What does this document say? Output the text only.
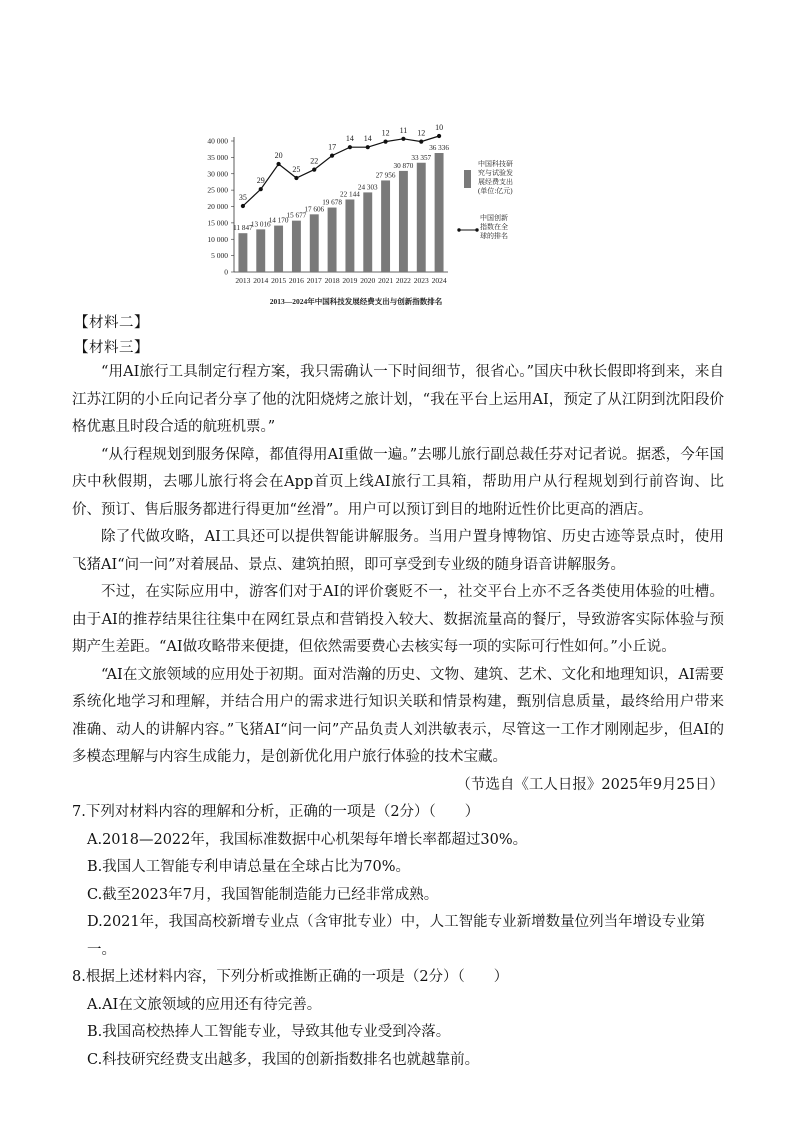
40 000
35 000
30 000
25 000
20 000
15 000
10 000
5 000
0
11 847
2013
13 016
2014
14 170
2015
15 677
2016
17 606
2017
19 678
2018
22 144
2019
24 303
2020
27 956
2021
30 870
2022
33 357
2023
36 336
2024
35
29
20
25
22
17
14 14
12 11 12
10
中国科技研
究与试验发
展经费支出
(单位:亿元)
中国创新
指数在全
球的排名
2013—2024年中国科技发展经费支出与创新指数排名
【材料二】
【材料三】

“用AI旅行工具制定行程方案，我只需确认一下时间细节，很省心。”国庆中秋长假即将到来，来自江苏江阴的小丘向记者分享了他的沈阳烧烤之旅计划，“我在平台上运用AI，预定了从江阴到沈阳段价格优惠且时段合适的航班机票。”

“从行程规划到服务保障，都值得用AI重做一遍。”去哪儿旅行副总裁任芬对记者说。据悉，今年国庆中秋假期，去哪儿旅行将会在App首页上线AI旅行工具箱，帮助用户从行程规划到行前咨询、比价、预订、售后服务都进行得更加“丝滑”。用户可以预订到目的地附近性价比更高的酒店。

除了代做攻略，AI工具还可以提供智能讲解服务。当用户置身博物馆、历史古迹等景点时，使用飞猪AI“问一问”对着展品、景点、建筑拍照，即可享受到专业级的随身语音讲解服务。

不过，在实际应用中，游客们对于AI的评价褒贬不一，社交平台上亦不乏各类使用体验的吐槽。由于AI的推荐结果往往集中在网红景点和营销投入较大、数据流量高的餐厅，导致游客实际体验与预期产生差距。“AI做攻略带来便捷，但依然需要费心去核实每一项的实际可行性如何。”小丘说。

“AI在文旅领域的应用处于初期。面对浩瀚的历史、文物、建筑、艺术、文化和地理知识，AI需要系统化地学习和理解，并结合用户的需求进行知识关联和情景构建，甄别信息质量，最终给用户带来准确、动人的讲解内容。”飞猪AI“问一问”产品负责人刘洪敏表示，尽管这一工作才刚刚起步，但AI的多模态理解与内容生成能力，是创新优化用户旅行体验的技术宝藏。

（节选自《工人日报》2025年9月25日）

7.下列对材料内容的理解和分析，正确的一项是（2分）（　　）

A.2018—2022年，我国标准数据中心机架每年增长率都超过30%。

B.我国人工智能专利申请总量在全球占比为70%。

C.截至2023年7月，我国智能制造能力已经非常成熟。

D.2021年，我国高校新增专业点（含审批专业）中，人工智能专业新增数量位列当年增设专业第一。

8.根据上述材料内容，下列分析或推断正确的一项是（2分）（　　）

A.AI在文旅领域的应用还有待完善。

B.我国高校热捧人工智能专业，导致其他专业受到冷落。

C.科技研究经费支出越多，我国的创新指数排名也就越靠前。
